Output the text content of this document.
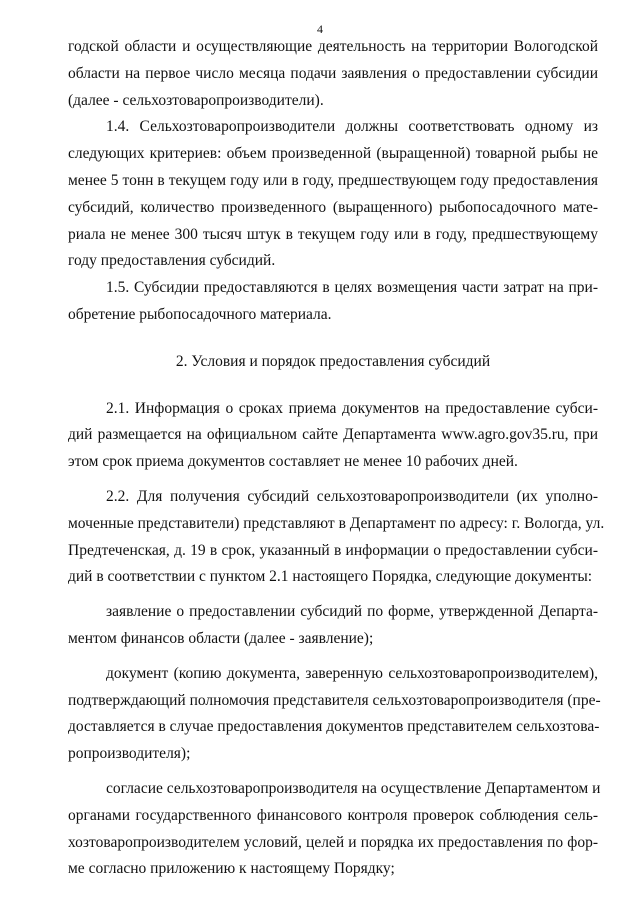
4
годской области и осуществляющие деятельность на территории Вологодской
области на первое число месяца подачи заявления о предоставлении субсидии
(далее - сельхозтоваропроизводители).
1.4. Сельхозтоваропроизводители должны соответствовать одному из
следующих критериев: объем произведенной (выращенной) товарной рыбы не
менее 5 тонн в текущем году или в году, предшествующем году предоставления
субсидий, количество произведенного (выращенного) рыбопосадочного мате-
риала не менее 300 тысяч штук в текущем году или в году, предшествующему
году предоставления субсидий.
1.5. Субсидии предоставляются в целях возмещения части затрат на при-
обретение рыбопосадочного материала.
2. Условия и порядок предоставления субсидий
2.1. Информация о сроках приема документов на предоставление субси-
дий размещается на официальном сайте Департамента www.agro.gov35.ru, при
этом срок приема документов составляет не менее 10 рабочих дней.
2.2. Для получения субсидий сельхозтоваропроизводители (их уполно-
моченные представители) представляют в Департамент по адресу: г. Вологда, ул.
Предтеченская, д. 19 в срок, указанный в информации о предоставлении субси-
дий в соответствии с пунктом 2.1 настоящего Порядка, следующие документы:
заявление о предоставлении субсидий по форме, утвержденной Департа-
ментом финансов области (далее - заявление);
документ (копию документа, заверенную сельхозтоваропроизводителем),
подтверждающий полномочия представителя сельхозтоваропроизводителя (пре-
доставляется в случае предоставления документов представителем сельхозтова-
ропроизводителя);
согласие сельхозтоваропроизводителя на осуществление Департаментом и
органами государственного финансового контроля проверок соблюдения сель-
хозтоваропроизводителем условий, целей и порядка их предоставления по фор-
ме согласно приложению к настоящему Порядку;
